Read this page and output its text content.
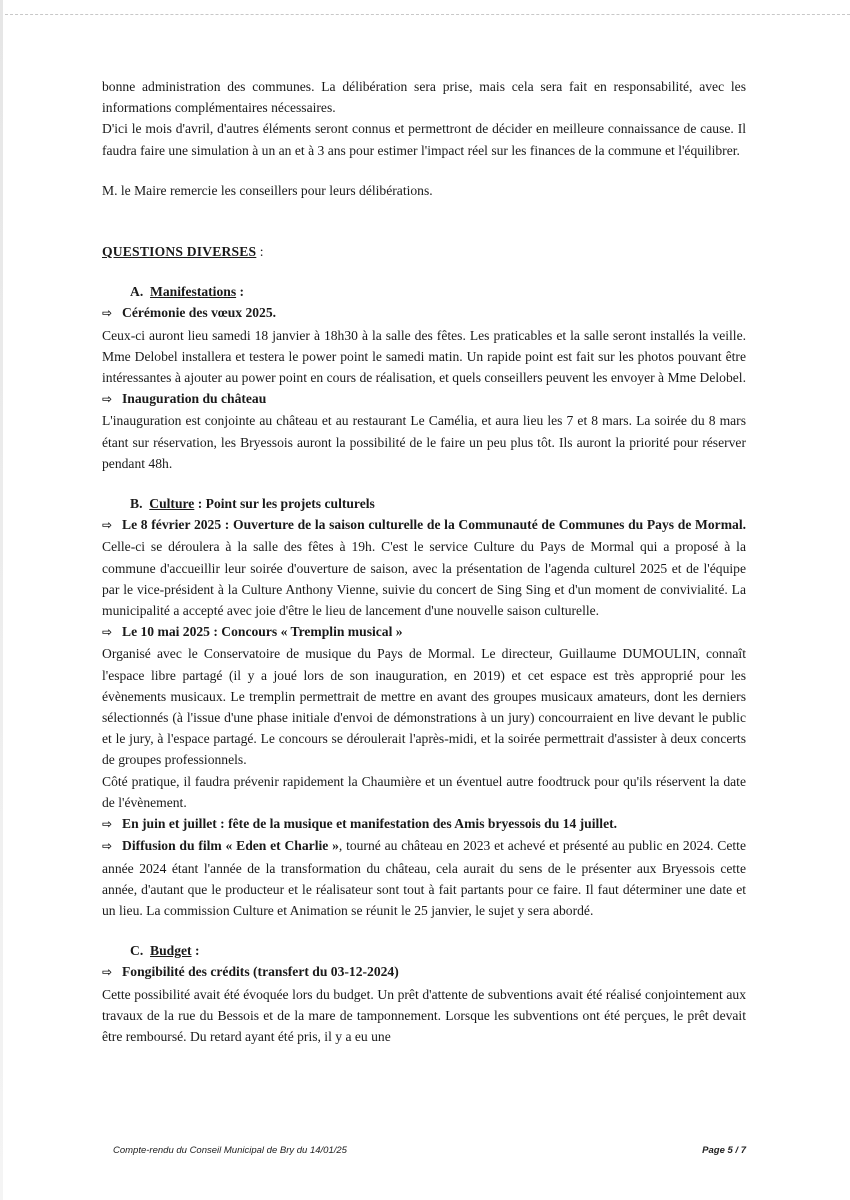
bonne administration des communes. La délibération sera prise, mais cela sera fait en responsabilité, avec les informations complémentaires nécessaires.

D'ici le mois d'avril, d'autres éléments seront connus et permettront de décider en meilleure connaissance de cause. Il faudra faire une simulation à un an et à 3 ans pour estimer l'impact réel sur les finances de la commune et l'équilibrer.

M. le Maire remercie les conseillers pour leurs délibérations.

QUESTIONS DIVERSES :

A. Manifestations :

⇨ Cérémonie des vœux 2025.

Ceux-ci auront lieu samedi 18 janvier à 18h30 à la salle des fêtes. Les praticables et la salle seront installés la veille. Mme Delobel installera et testera le power point le samedi matin. Un rapide point est fait sur les photos pouvant être intéressantes à ajouter au power point en cours de réalisation, et quels conseillers peuvent les envoyer à Mme Delobel.

⇨ Inauguration du château

L'inauguration est conjointe au château et au restaurant Le Camélia, et aura lieu les 7 et 8 mars. La soirée du 8 mars étant sur réservation, les Bryessois auront la possibilité de le faire un peu plus tôt. Ils auront la priorité pour réserver pendant 48h.

B. Culture : Point sur les projets culturels

⇨ Le 8 février 2025 : Ouverture de la saison culturelle de la Communauté de Communes du Pays de Mormal. Celle-ci se déroulera à la salle des fêtes à 19h. C'est le service Culture du Pays de Mormal qui a proposé à la commune d'accueillir leur soirée d'ouverture de saison, avec la présentation de l'agenda culturel 2025 et de l'équipe par le vice-président à la Culture Anthony Vienne, suivie du concert de Sing Sing et d'un moment de convivialité. La municipalité a accepté avec joie d'être le lieu de lancement d'une nouvelle saison culturelle.

⇨ Le 10 mai 2025 : Concours « Tremplin musical »

Organisé avec le Conservatoire de musique du Pays de Mormal. Le directeur, Guillaume DUMOULIN, connaît l'espace libre partagé (il y a joué lors de son inauguration, en 2019) et cet espace est très approprié pour les évènements musicaux. Le tremplin permettrait de mettre en avant des groupes musicaux amateurs, dont les derniers sélectionnés (à l'issue d'une phase initiale d'envoi de démonstrations à un jury) concourraient en live devant le public et le jury, à l'espace partagé. Le concours se déroulerait l'après-midi, et la soirée permettrait d'assister à deux concerts de groupes professionnels.

Côté pratique, il faudra prévenir rapidement la Chaumière et un éventuel autre foodtruck pour qu'ils réservent la date de l'évènement.

⇨ En juin et juillet : fête de la musique et manifestation des Amis bryessois du 14 juillet.

⇨ Diffusion du film « Eden et Charlie », tourné au château en 2023 et achevé et présenté au public en 2024. Cette année 2024 étant l'année de la transformation du château, cela aurait du sens de le présenter aux Bryessois cette année, d'autant que le producteur et le réalisateur sont tout à fait partants pour ce faire. Il faut déterminer une date et un lieu. La commission Culture et Animation se réunit le 25 janvier, le sujet y sera abordé.

C. Budget :

⇨ Fongibilité des crédits (transfert du 03-12-2024)

Cette possibilité avait été évoquée lors du budget. Un prêt d'attente de subventions avait été réalisé conjointement aux travaux de la rue du Bessois et de la mare de tamponnement. Lorsque les subventions ont été perçues, le prêt devait être remboursé. Du retard ayant été pris, il y a eu une

Compte-rendu du Conseil Municipal de Bry du 14/01/25	Page 5 / 7
